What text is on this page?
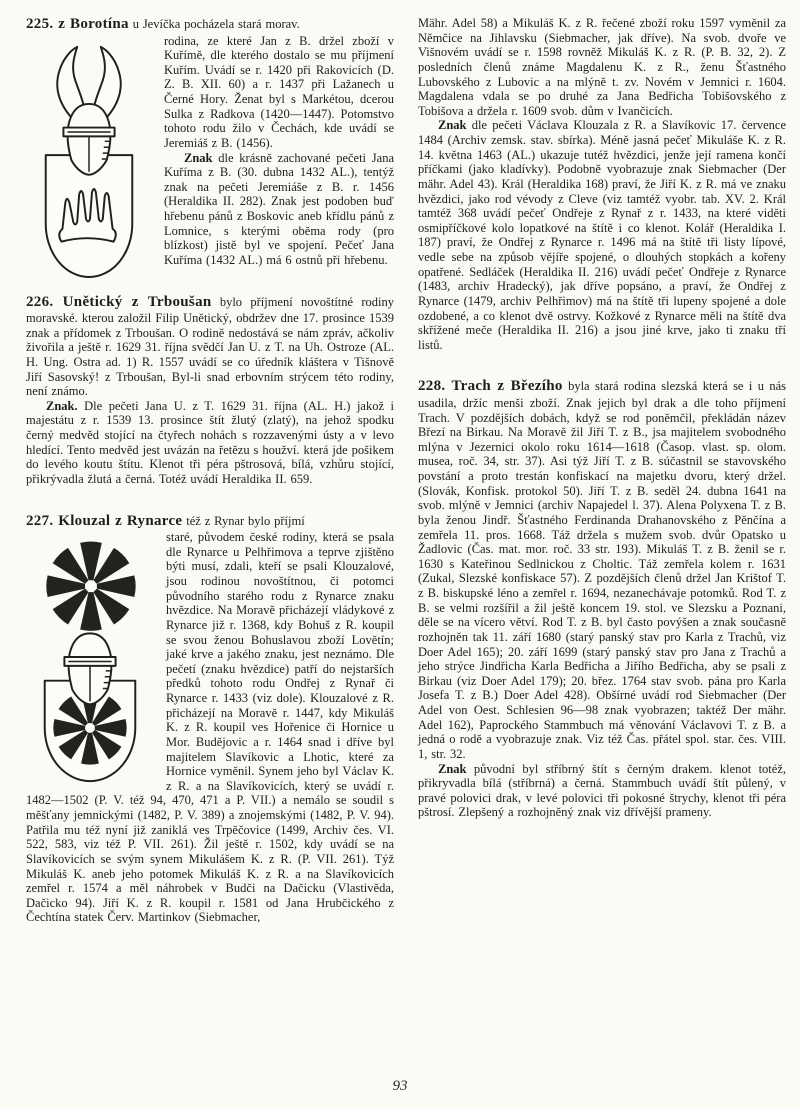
225. z Borotína u Jevíčka pocházela stará morav.

rodina, ze které Jan z B. držel zboží v Kuřímě, dle kterého dostalo se mu příjmení Kuřím. Uvádí se r. 1420 při Rakovicích (D. Z. B. XII. 60) a r. 1437 při Lažanech u Černé Hory. Ženat byl s Markétou, dcerou Sulka z Radkova (1420—1447). Potomstvo tohoto rodu žilo v Čechách, kde uvádí se Jeremiáš z B. (1456).

Znak dle krásně zachované pečeti Jana Kuříma z B. (30. dubna 1432 AL.), tentýž znak na pečeti Jeremiáše z B. r. 1456 (Heraldika II. 282). Znak jest podoben buď hřebenu pánů z Boskovic aneb křídlu pánů z Lomnice, s kterými oběma rody (pro blízkost) jistě byl ve spojení. Pečeť Jana Kuříma (1432 AL.) má 6 ostnů při hřebenu.

226. Unětický z Trboušan bylo příjmení novoštítné rodiny moravské. kterou založil Filip Unětický, obdržev dne 17. prosince 1539 znak a přídomek z Trboušan. O rodině nedostává se nám zpráv, ačkoliv živořila a ještě r. 1629 31. října svědčí Jan U. z T. na Uh. Ostroze (AL. H. Ung. Ostra ad. 1) R. 1557 uvádí se co úředník kláštera v Tišnově Jiří Sasovský! z Trboušan, Byl-li snad erbovním strýcem této rodiny, není známo.

Znak. Dle pečeti Jana U. z T. 1629 31. října (AL. H.) jakož i majestátu z r. 1539 13. prosince štít žlutý (zlatý), na jehož spodku černý medvěd stojící na čtyřech nohách s rozzavenými ústy a v levo hledící. Tento medvěd jest uvázán na řetězu s houžví. která jde pošikem do levého koutu štítu. Klenot tři péra pštrosová, bílá, vzhůru stojící, přikrývadla žlutá a černá. Totéž uvádí Heraldika II. 659.

227. Klouzal z Rynarce též z Rynar bylo příjmí

staré, původem české rodiny, která se psala dle Rynarce u Pelhřimova a teprve zjištěno býti musí, zdali, kteří se psali Klouzalové, jsou rodinou novoštítnou, či potomci původního starého rodu z Rynarce znaku hvězdice. Na Moravě přicházejí vládykové z Rynarce již r. 1368, kdy Bohuš z R. koupil se svou ženou Bohuslavou zboží Lovětín; jaké krve a jakého znaku, jest neznámo. Dle pečetí (znaku hvězdice) patří do nejstarších předků tohoto rodu Ondřej z Rynař či Rynarce r. 1433 (viz dole). Klouzalové z R. přicházejí na Moravě r. 1447, kdy Mikuláš K. z R. koupil ves Hořenice či Hornice u Mor. Budějovic a r. 1464 snad i dříve byl majitelem Slavíkovic a Lhotic, které za Hornice vyměnil. Synem jeho byl Václav K. z R. a na Slavíkovicích, který se uvádí r. 1482—1502 (P. V. též 94, 470, 471 a P. VII.) a nemálo se soudil s měšťany jemnickými (1482, P. V. 389) a znojemskými (1482, P. V. 94). Patřila mu též nyní již zaniklá ves Trpěčovice (1499, Archiv čes. VI. 522, 583, viz též P. VII. 261). Žil ještě r. 1502, kdy uvádí se na Slavíkovicích se svým synem Mikulášem K. z R. (P. VII. 261). Týž Mikuláš K. aneb jeho potomek Mikuláš K. z R. a na Slavíkovicích zemřel r. 1574 a měl náhrobek v Budči na Dačicku (Vlastivěda, Dačicko 94). Jiří K. z R. koupil r. 1581 od Jana Hrubčického z Čechtína statek Červ. Martinkov (Siebmacher,

Mähr. Adel 58) a Mikuláš K. z R. řečené zboží roku 1597 vyměnil za Němčice na Jihlavsku (Siebmacher, jak dříve). Na svob. dvoře ve Višnovém uvádí se r. 1598 rovněž Mikuláš K. z R. (P. B. 32, 2). Z posledních členů známe Magdalenu K. z R., ženu Šťastného Lubovského z Lubovic a na mlýně t. zv. Novém v Jemnici r. 1604. Magdalena vdala se po druhé za Jana Bedřicha Tobišovského z Tobišova a držela r. 1609 svob. dům v Ivančicích.

Znak dle pečeti Václava Klouzala z R. a Slavíkovic 17. července 1484 (Archiv zemsk. stav. sbírka). Méně jasná pečeť Mikuláše K. z R. 14. května 1463 (AL.) ukazuje tutéž hvězdici, jenže její ramena končí příčkami (jako kladívky). Podobně vyobrazuje znak Siebmacher (Der mähr. Adel 43). Král (Heraldika 168) praví, že Jiří K. z R. má ve znaku hvězdici, jako rod vévody z Cleve (viz tamtéž vyobr. tab. XV. 2. Král tamtéž 368 uvádí pečeť Ondřeje z Rynař z r. 1433, na které viděti osmipříčkové kolo lopatkové na štítě i co klenot. Kolář (Heraldika I. 187) praví, že Ondřej z Rynarce r. 1496 má na štítě tři listy lípové, vedle sebe na způsob vějíře spojené, o dlouhých stopkách a kořeny opatřené. Sedláček (Heraldika II. 216) uvádí pečeť Ondřeje z Rynarce (1483, archiv Hradecký), jak dříve popsáno, a praví, že Ondřej z Rynarce (1479, archiv Pelhřimov) má na štítě tři lupeny spojené a dole ozdobené, a co klenot dvě ostrvy. Kožkové z Rynarce měli na štítě dva skřížené meče (Heraldika II. 216) a jsou jiné krve, jako ti znaku tří listů.

228. Trach z Březího byla stará rodina slezská která se i u nás usadila, držíc menši zboží. Znak jejich byl drak a dle toho příjmení Trach. V pozdějších dobách, když se rod poněmčil, překládán název Březí na Birkau. Na Moravě žil Jiří T. z B., jsa majitelem svobodného mlýna v Jezernici okolo roku 1614—1618 (Časop. vlast. sp. olom. musea, roč. 34, str. 37). Asi týž Jiří T. z B. súčastnil se stavovského povstání a proto trestán konfiskací na majetku dvoru, který držel. (Slovák, Konfisk. protokol 50). Jiří T. z B. seděl 24. dubna 1641 na svob. mlýně v Jemnici (archiv Napajedel l. 37). Alena Polyxena T. z B. byla ženou Jindř. Šťastného Ferdinanda Drahanovského z Pěnčína a zemřela 11. pros. 1668. Táž držela s mužem svob. dvůr Opatsko u Žadlovic (Čas. mat. mor. roč. 33 str. 193). Mikuláš T. z B. ženil se r. 1630 s Kateřinou Sedlnickou z Choltic. Táž zemřela kolem r. 1631 (Zukal, Slezské konfiskace 57). Z pozdějších členů držel Jan Krištof T. z B. biskupské léno a zemřel r. 1694, nezanechávaje potomků. Rod T. z B. se velmi rozšířil a žil ještě koncem 19. stol. ve Slezsku a Poznani, děle se na vícero větví. Rod T. z B. byl často povýšen a znak současně rozhojněn tak 11. září 1680 (starý panský stav pro Karla z Trachů, viz Doer Adel 165); 20. září 1699 (starý panský stav pro Jana z Trachů a jeho strýce Jindřicha Karla Bedřicha a Jiřího Bedřicha, aby se psali z Birkau (viz Doer Adel 179); 20. břez. 1764 stav svob. pána pro Karla Josefa T. z B.) Doer Adel 428). Obšírné uvádí rod Siebmacher (Der Adel von Oest. Schlesien 96—98 znak vyobrazen; taktéž Der mähr. Adel 162), Paprockého Stammbuch má věnování Václavovi T. z B. a jedná o rodě a vyobrazuje znak. Viz též Čas. přátel spol. star. čes. VIII. 1, str. 32.

Znak původní byl stříbrný štít s černým drakem. klenot totéž, přikryvadla bílá (stříbrná) a černá. Stammbuch uvádí štít půlený, v pravé polovici drak, v levé polovici tři pokosné štrychy, klenot tři péra pštrosí. Zlepšený a rozhojněný znak viz dřívější prameny.

93
